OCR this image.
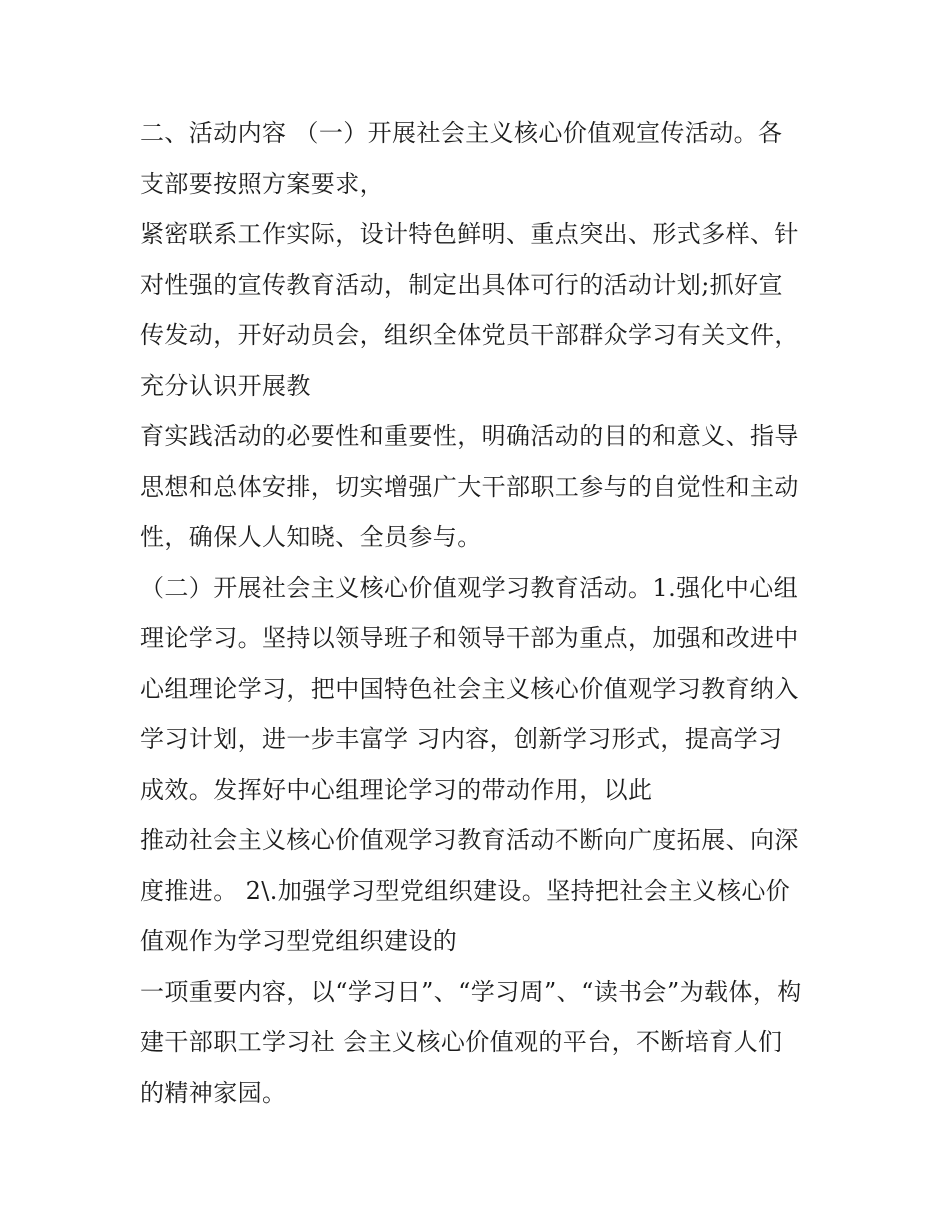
二、活动内容 （一）开展社会主义核心价值观宣传活动。各
支部要按照方案要求，
紧密联系工作实际，设计特色鲜明、重点突出、形式多样、针
对性强的宣传教育活动，制定出具体可行的活动计划;抓好宣
传发动，开好动员会，组织全体党员干部群众学习有关文件，
充分认识开展教
育实践活动的必要性和重要性，明确活动的目的和意义、指导
思想和总体安排，切实增强广大干部职工参与的自觉性和主动
性，确保人人知晓、全员参与。
（二）开展社会主义核心价值观学习教育活动。1.强化中心组
理论学习。坚持以领导班子和领导干部为重点，加强和改进中
心组理论学习，把中国特色社会主义核心价值观学习教育纳入
学习计划，进一步丰富学 习内容，创新学习形式，提高学习
成效。发挥好中心组理论学习的带动作用，以此
推动社会主义核心价值观学习教育活动不断向广度拓展、向深
度推进。 2\.加强学习型党组织建设。坚持把社会主义核心价
值观作为学习型党组织建设的
一项重要内容，以“学习日”、“学习周”、“读书会”为载体，构
建干部职工学习社 会主义核心价值观的平台，不断培育人们
的精神家园。
